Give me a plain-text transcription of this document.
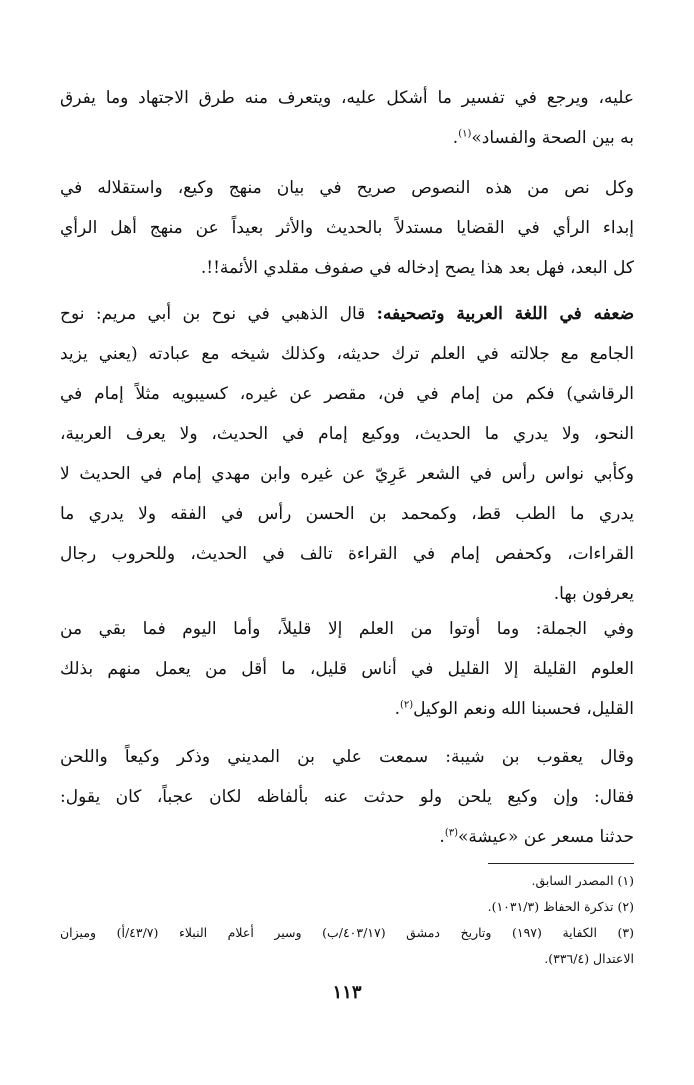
عليه، ويرجع في تفسير ما أشكل عليه، ويتعرف منه طرق الاجتهاد وما يفرق
به بين الصحة والفساد»$^{(١)}$.
وكل نص من هذه النصوص صريح في بيان منهج وكيع، واستقلاله في
إبداء الرأي في القضايا مستدلاً بالحديث والأثر بعيداً عن منهج أهل الرأي
كل البعد، فهل بعد هذا يصح إدخاله في صفوف مقلدي الأئمة!!.
ضعفه في اللغة العربية وتصحيفه: قال الذهبي في نوح بن أبي مريم: نوح
الجامع مع جلالته في العلم ترك حديثه، وكذلك شيخه مع عبادته (يعني يزيد
الرقاشي) فكم من إمام في فن، مقصر عن غيره، كسيبويه مثلاً إمام في
النحو، ولا يدري ما الحديث، ووكيع إمام في الحديث، ولا يعرف العربية،
وكأبي نواس رأس في الشعر عَرِيّ عن غيره وابن مهدي إمام في الحديث لا
يدري ما الطب قط، وكمحمد بن الحسن رأس في الفقه ولا يدري ما
القراءات، وكحفص إمام في القراءة تالف في الحديث، وللحروب رجال
يعرفون بها.
وفي الجملة: وما أوتوا من العلم إلا قليلاً، وأما اليوم فما بقي من
العلوم القليلة إلا القليل في أناس قليل، ما أقل من يعمل منهم بذلك
القليل، فحسبنا الله ونعم الوكيل$^{(٢)}$.
وقال يعقوب بن شيبة: سمعت علي بن المديني وذكر وكيعاً واللحن
فقال: وإن وكيع يلحن ولو حدثت عنه بألفاظه لكان عجباً، كان يقول:
حدثنا مسعر عن «عيشة»$^{(٣)}$.
(١) المصدر السابق.
(٢) تذكرة الحفاظ (١٠٣١/٣).
(٣) الكفاية (١٩٧) وتاريخ دمشق (٤٠٣/١٧/ب) وسير أعلام النبلاء (٤٣/٧/أ) وميزان
الاعتدال (٣٣٦/٤).
١١٣
